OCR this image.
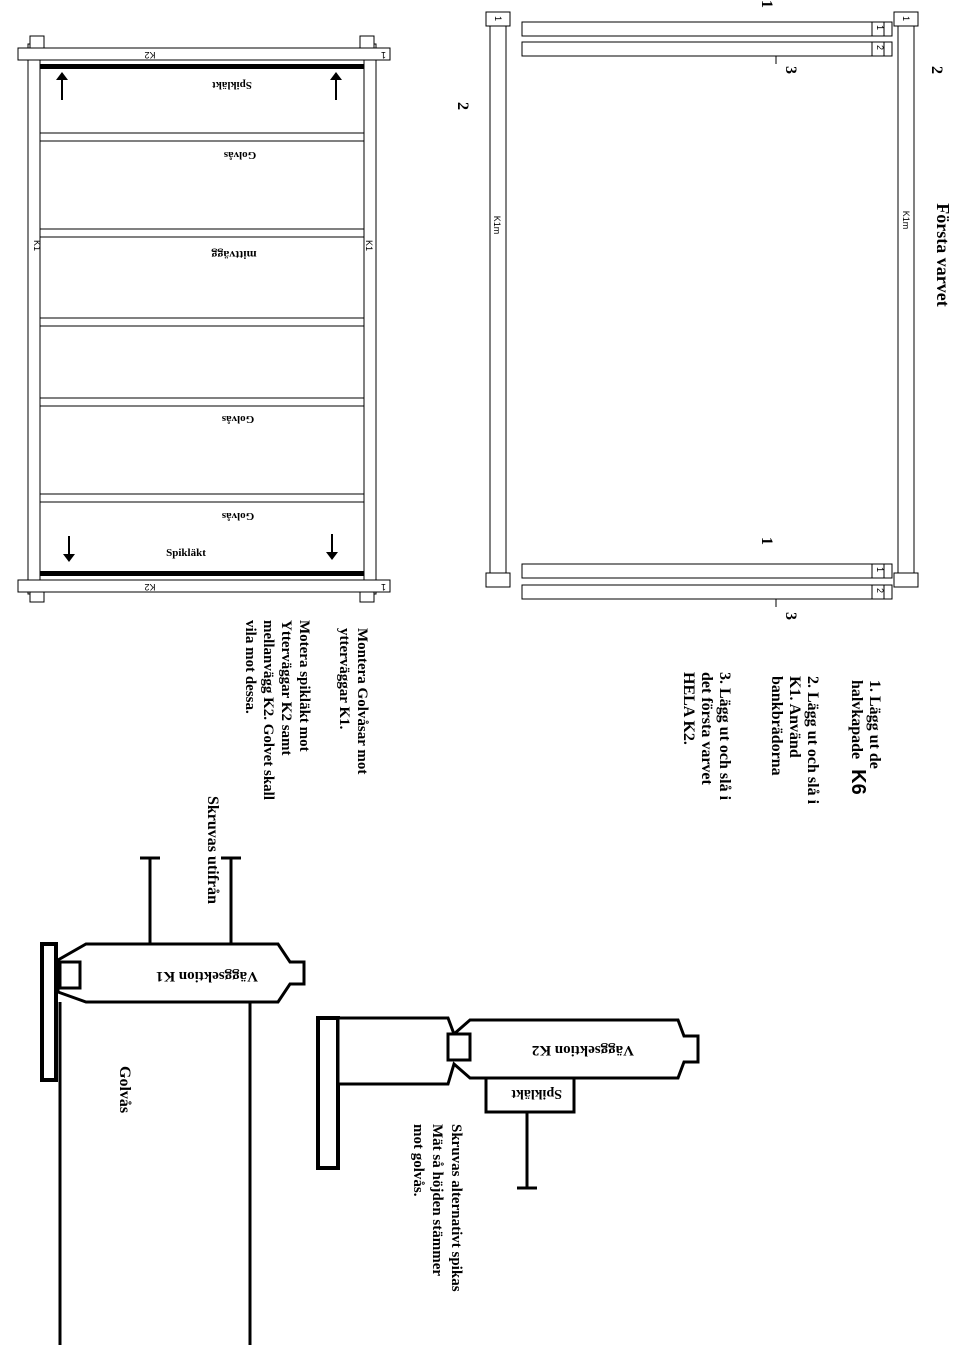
Första varvet
K1m
1
K1m
1
1
2
1
2
1
2
3
2
1
3
1. Lägg ut de
halvkapade K6
2. Lägg ut och slå i
K1. Använd
bankbrädorna
3. Lägg ut och slå i
det första varvet
HELA K2.
K2
K2
1
1
K1	K1
Spikläkt
Golvås
mittvägg
Golvås
Golvås
Spikläkt
Montera Golvåsar mot
ytterväggar K1.
Motera spikläkt mot
Ytterväggar K2 samt
mellanvägg K2. Golvet skall
vila mot dessa.
Skruvas utifrån
Väggsektion K1
Golvås
Väggsektion K2
Spikläkt
Skruvas alternativt spikas
Mät så höjden stämmer
mot golvås.
